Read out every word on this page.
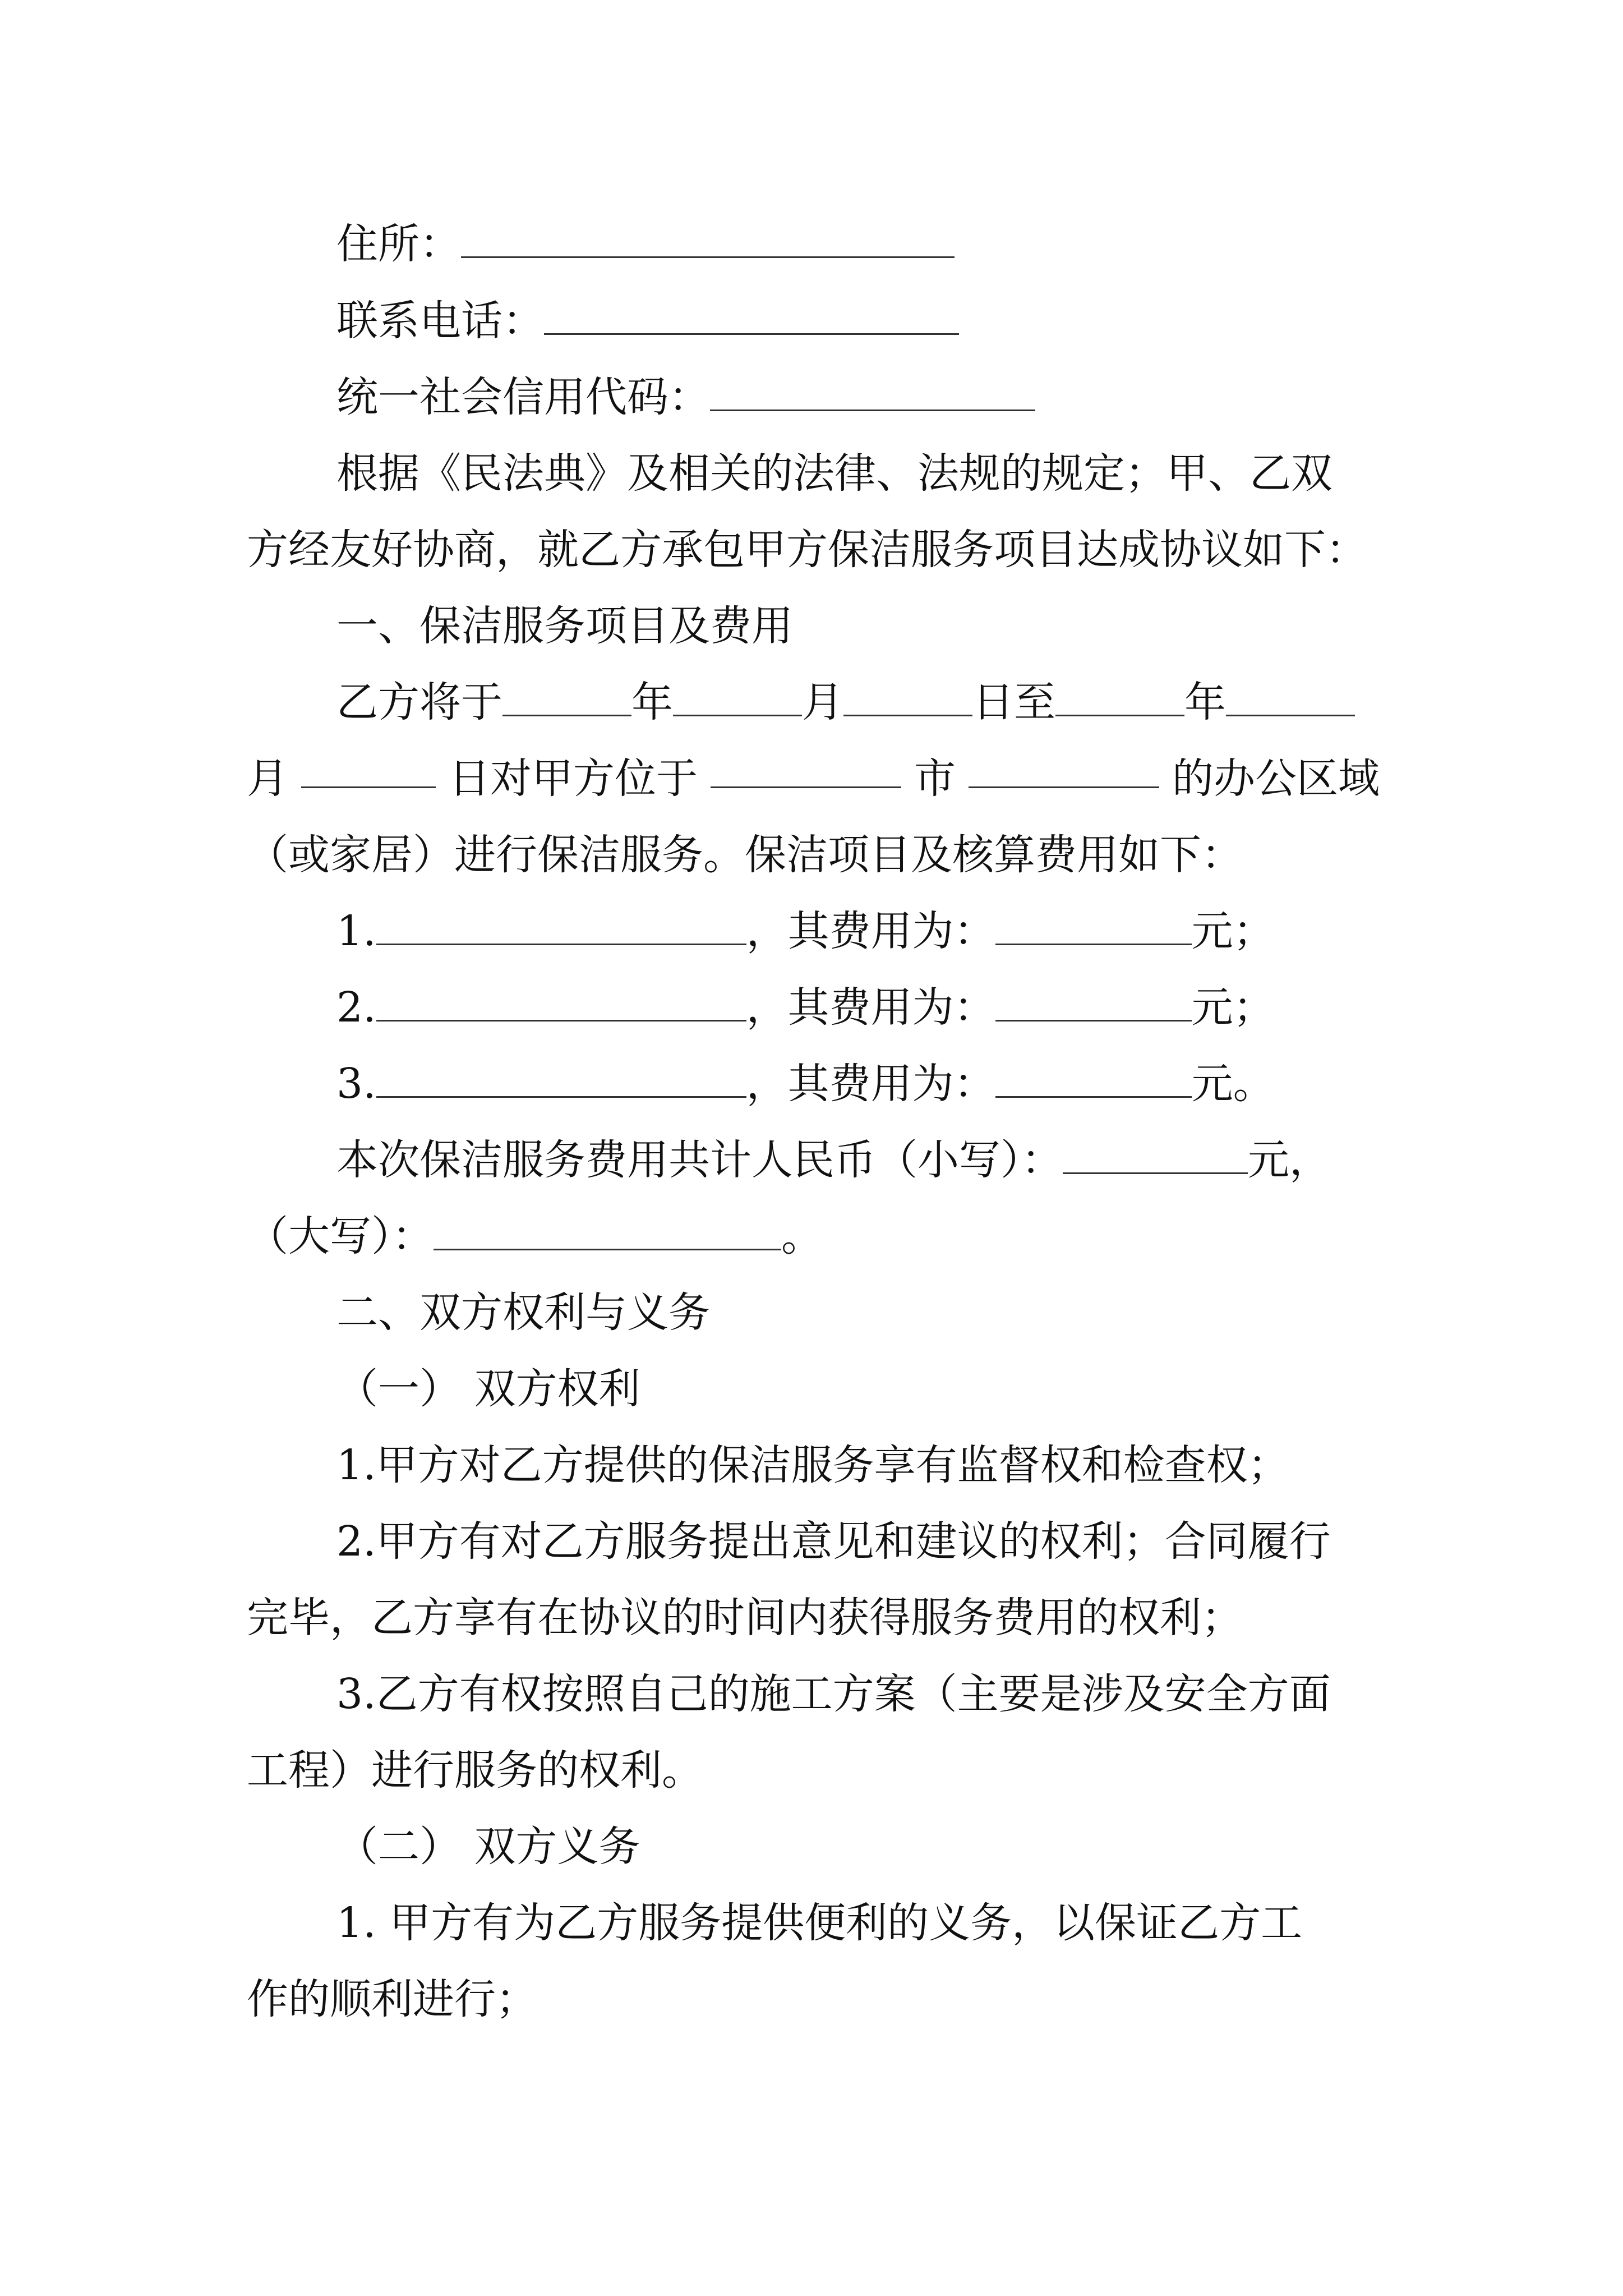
住所：
联系电话：
统一社会信用代码：
根据《民法典》及相关的法律、法规的规定；甲、乙双
方经友好协商，就乙方承包甲方保洁服务项目达成协议如下：
一、保洁服务项目及费用
乙方将于	年	月	日至	年
月	日对甲方位于	市	的办公区域
（或家居）进行保洁服务。保洁项目及核算费用如下：
1.	，其费用为：	元；
2.	，其费用为：	元；
3.	，其费用为：	元。
本次保洁服务费用共计人民币（小写）：	元，
（大写）：	。
二、双方权利与义务
（一） 双方权利
1.甲方对乙方提供的保洁服务享有监督权和检查权；
2.甲方有对乙方服务提出意见和建议的权利；合同履行
完毕，乙方享有在协议的时间内获得服务费用的权利；
3.乙方有权按照自己的施工方案（主要是涉及安全方面
工程）进行服务的权利。
（二） 双方义务
1. 甲方有为乙方服务提供便利的义务，以保证乙方工
作的顺利进行；
